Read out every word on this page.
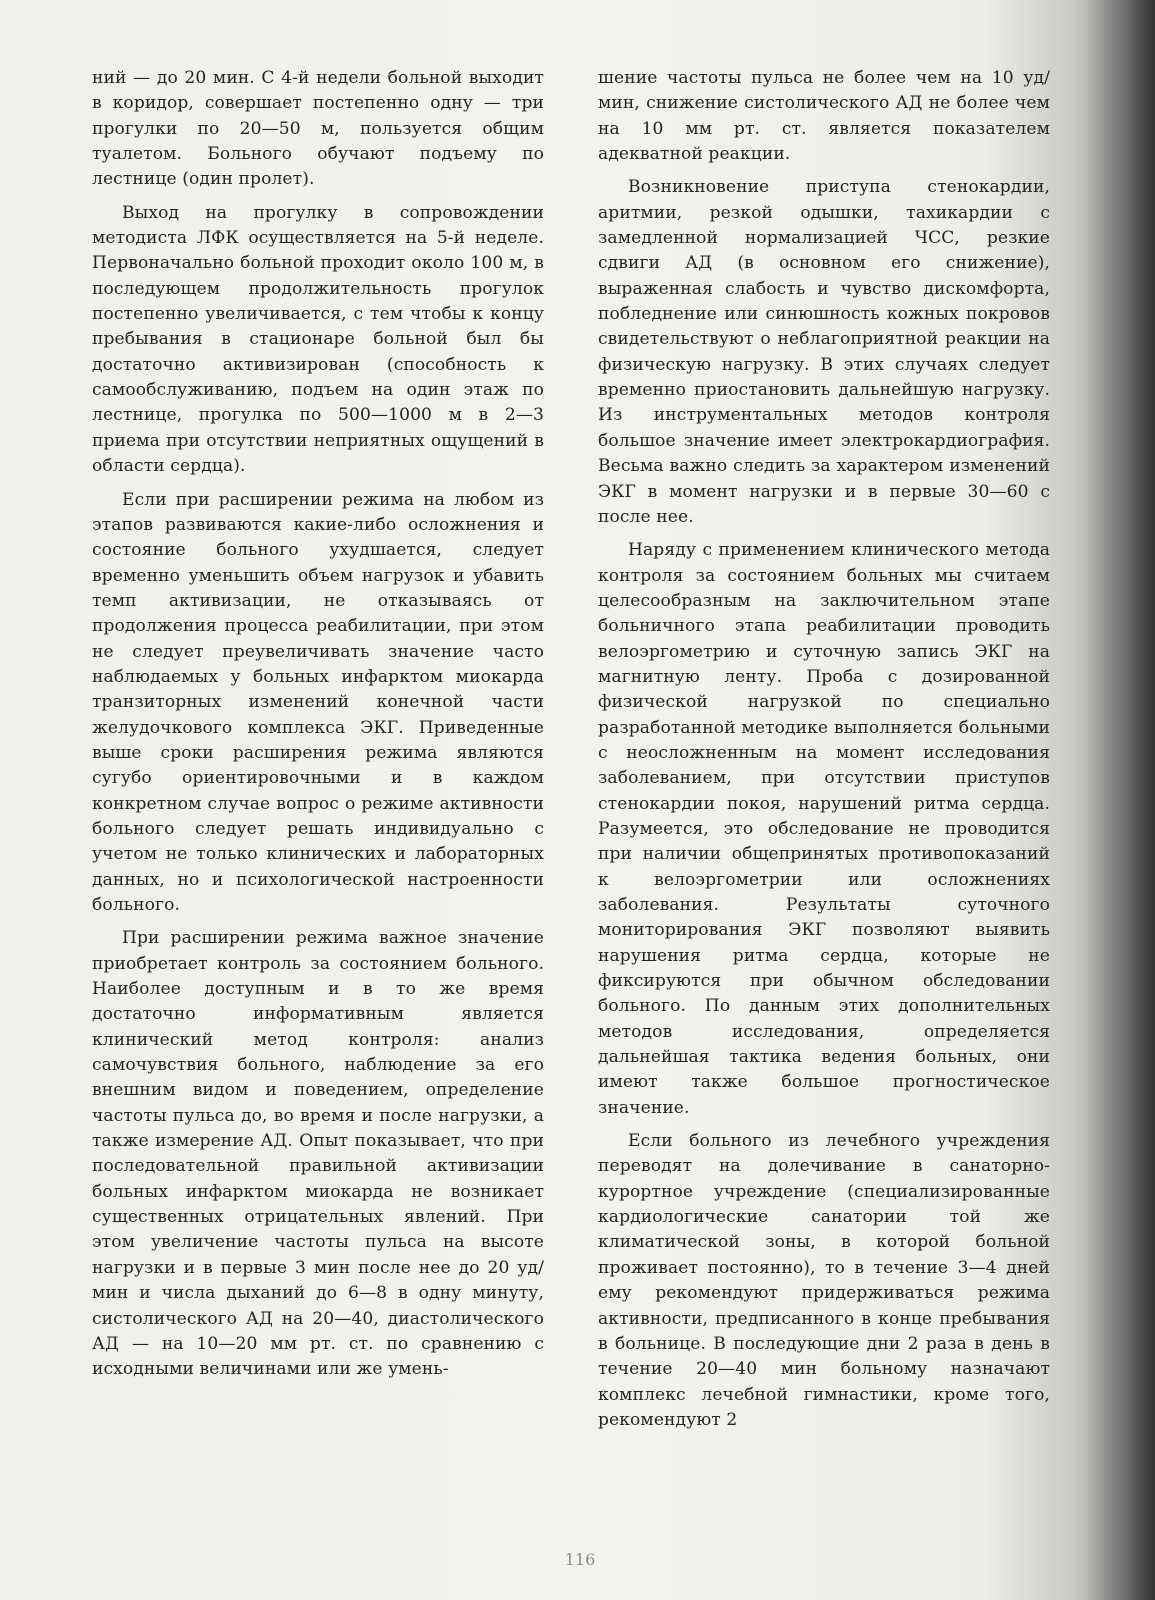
ний — до 20 мин. С 4-й недели больной выходит в коридор, совершает постепенно одну — три прогулки по 20—50 м, пользуется общим туалетом. Больного обучают подъему по лестнице (один пролет).

Выход на прогулку в сопровождении методиста ЛФК осуществляется на 5-й неделе. Первоначально больной проходит около 100 м, в последующем продолжительность прогулок постепенно увеличивается, с тем чтобы к концу пребывания в стационаре больной был бы достаточно активизирован (способность к самообслуживанию, подъем на один этаж по лестнице, прогулка по 500—1000 м в 2—3 приема при отсутствии неприятных ощущений в области сердца).

Если при расширении режима на любом из этапов развиваются какие-либо осложнения и состояние больного ухудшается, следует временно уменьшить объем нагрузок и убавить темп активизации, не отказываясь от продолжения процесса реабилитации, при этом не следует преувеличивать значение часто наблюдаемых у больных инфарктом миокарда транзиторных изменений конечной части желудочкового комплекса ЭКГ. Приведенные выше сроки расширения режима являются сугубо ориентировочными и в каждом конкретном случае вопрос о режиме активности больного следует решать индивидуально с учетом не только клинических и лабораторных данных, но и психологической настроенности больного.

При расширении режима важное значение приобретает контроль за состоянием больного. Наиболее доступным и в то же время достаточно информативным является клинический метод контроля: анализ самочувствия больного, наблюдение за его внешним видом и поведением, определение частоты пульса до, во время и после нагрузки, а также измерение АД. Опыт показывает, что при последовательной правильной активизации больных инфарктом миокарда не возникает существенных отрицательных явлений. При этом увеличение частоты пульса на высоте нагрузки и в первые 3 мин после нее до 20 уд/мин и числа дыханий до 6—8 в одну минуту, систолического АД на 20—40, диастолического АД — на 10—20 мм рт. ст. по сравнению с исходными величинами или же умень-

шение частоты пульса не более чем на 10 уд/мин, снижение систолического АД не более чем на 10 мм рт. ст. является показателем адекватной реакции.

Возникновение приступа стенокардии, аритмии, резкой одышки, тахикардии с замедленной нормализацией ЧСС, резкие сдвиги АД (в основном его снижение), выраженная слабость и чувство дискомфорта, побледнение или синюшность кожных покровов свидетельствуют о неблагоприятной реакции на физическую нагрузку. В этих случаях следует временно приостановить дальнейшую нагрузку. Из инструментальных методов контроля большое значение имеет электрокардиография. Весьма важно следить за характером изменений ЭКГ в момент нагрузки и в первые 30—60 с после нее.

Наряду с применением клинического метода контроля за состоянием больных мы считаем целесообразным на заключительном этапе больничного этапа реабилитации проводить велоэргометрию и суточную запись ЭКГ на магнитную ленту. Проба с дозированной физической нагрузкой по специально разработанной методике выполняется больными с неосложненным на момент исследования заболеванием, при отсутствии приступов стенокардии покоя, нарушений ритма сердца. Разумеется, это обследование не проводится при наличии общепринятых противопоказаний к велоэргометрии или осложнениях заболевания. Результаты суточного мониторирования ЭКГ позволяют выявить нарушения ритма сердца, которые не фиксируются при обычном обследовании больного. По данным этих дополнительных методов исследования, определяется дальнейшая тактика ведения больных, они имеют также большое прогностическое значение.

Если больного из лечебного учреждения переводят на долечивание в санаторно-курортное учреждение (специализированные кардиологические санатории той же климатической зоны, в которой больной проживает постоянно), то в течение 3—4 дней ему рекомендуют придерживаться режима активности, предписанного в конце пребывания в больнице. В последующие дни 2 раза в день в течение 20—40 мин больному назначают комплекс лечебной гимнастики, кроме того, рекомендуют 2

116
